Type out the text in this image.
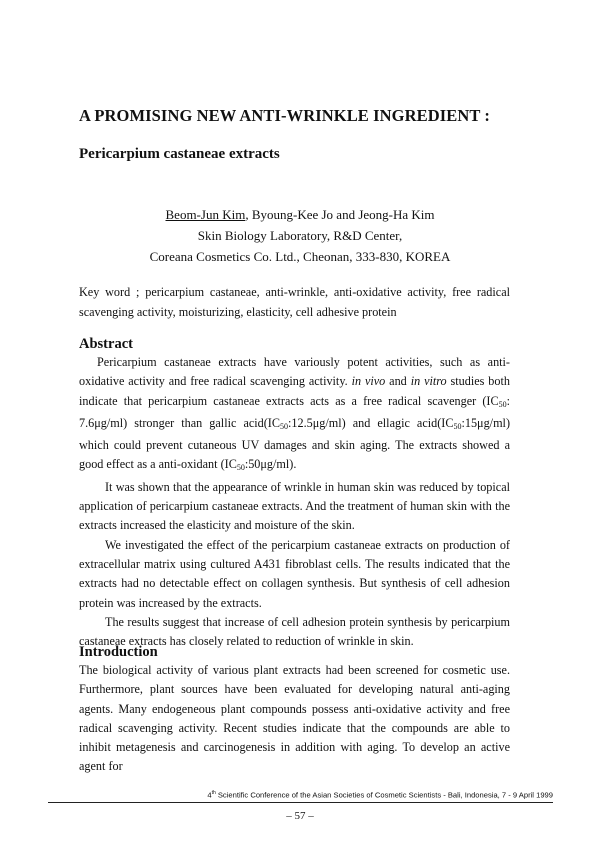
A PROMISING NEW ANTI-WRINKLE INGREDIENT :
Pericarpium castaneae extracts
Beom-Jun Kim, Byoung-Kee Jo and Jeong-Ha Kim
Skin Biology Laboratory, R&D Center,
Coreana Cosmetics Co. Ltd., Cheonan, 333-830, KOREA
Key word ; pericarpium castaneae, anti-wrinkle, anti-oxidative activity, free radical scavenging activity, moisturizing, elasticity, cell adhesive protein
Abstract

Pericarpium castaneae extracts have variously potent activities, such as anti-oxidative activity and free radical scavenging activity. in vivo and in vitro studies both indicate that pericarpium castaneae extracts acts as a free radical scavenger ($IC_{50}$: 7.6μg/ml) stronger than gallic $acid(IC_{50}:12.5\mu g/ml)$ and ellagic $acid(IC_{50}:15\mu g/ml)$ which could prevent cutaneous UV damages and skin aging. The extracts showed a good effect as a anti-oxidant $(IC_{50}:50\mu g/ml)$.

It was shown that the appearance of wrinkle in human skin was reduced by topical application of pericarpium castaneae extracts. And the treatment of human skin with the extracts increased the elasticity and moisture of the skin.

We investigated the effect of the pericarpium castaneae extracts on production of extracellular matrix using cultured A431 fibroblast cells. The results indicated that the extracts had no detectable effect on collagen synthesis. But synthesis of cell adhesion protein was increased by the extracts.

The results suggest that increase of cell adhesion protein synthesis by pericarpium castaneae extracts has closely related to reduction of wrinkle in skin.

Introduction

The biological activity of various plant extracts had been screened for cosmetic use. Furthermore, plant sources have been evaluated for developing natural anti-aging agents. Many endogeneous plant compounds possess anti-oxidative activity and free radical scavenging activity. Recent studies indicate that the compounds are able to inhibit metagenesis and carcinogenesis in addition with aging. To develop an active agent for

4th Scientific Conference of the Asian Societies of Cosmetic Scientists - Bali, Indonesia, 7 - 9 April 1999
– 57 –
